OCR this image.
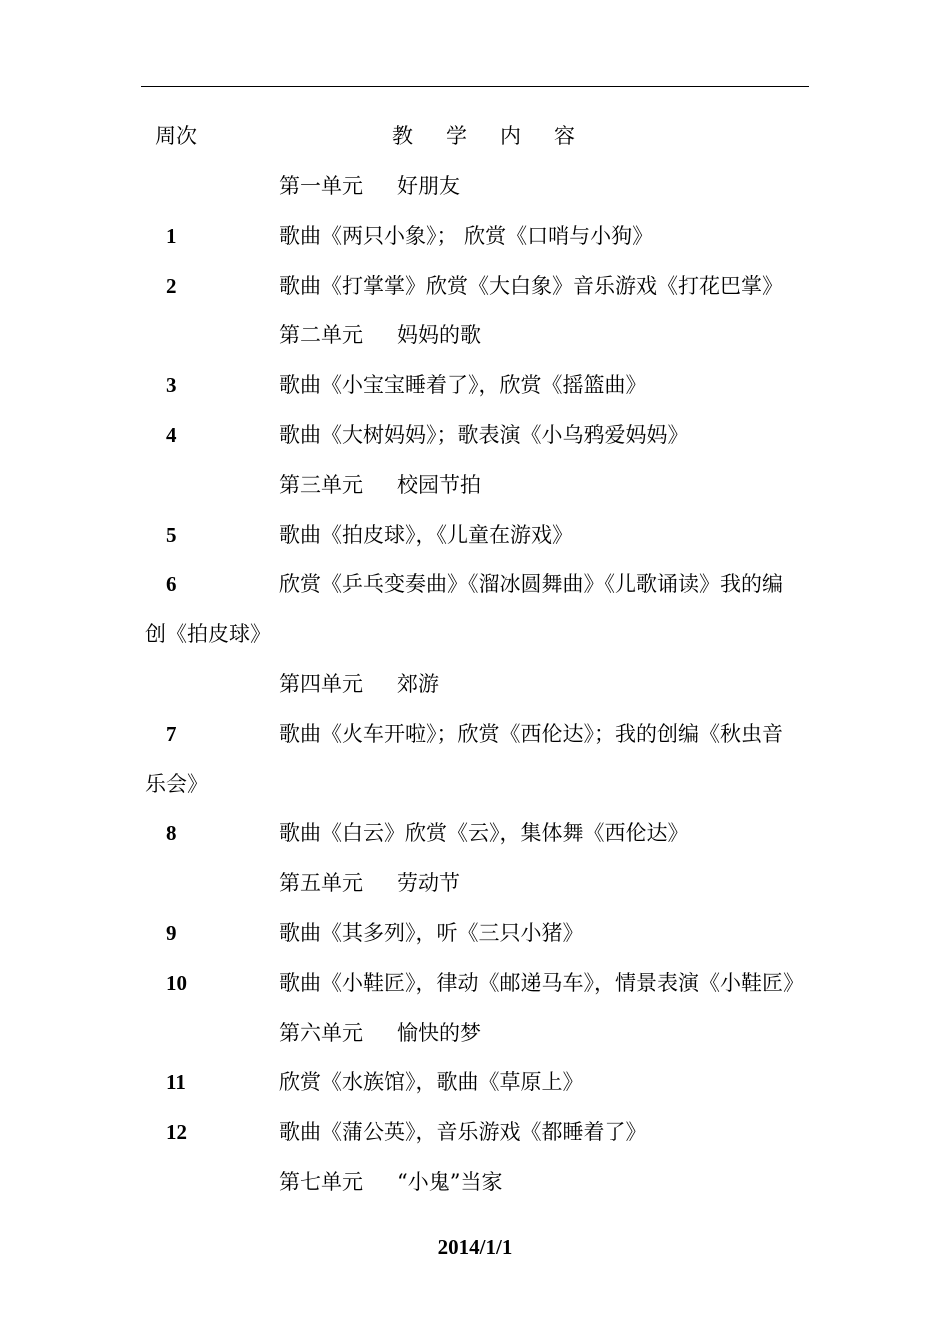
周次	教 学 内 容
第一单元 好朋友
1	歌曲《两只小象》； 欣赏《口哨与小狗》
2	歌曲《打掌掌》欣赏《大白象》音乐游戏《打花巴掌》
第二单元 妈妈的歌
3	歌曲《小宝宝睡着了》，欣赏《摇篮曲》
4	歌曲《大树妈妈》；歌表演《小乌鸦爱妈妈》
第三单元 校园节拍
5	歌曲《拍皮球》，《儿童在游戏》
6	欣赏《乒乓变奏曲》《溜冰圆舞曲》《儿歌诵读》我的编
创《拍皮球》
第四单元 郊游
7	歌曲《火车开啦》；欣赏《西伦达》；我的创编《秋虫音
乐会》
8	歌曲《白云》欣赏《云》，集体舞《西伦达》
第五单元 劳动节
9	歌曲《其多列》，听《三只小猪》
10	歌曲《小鞋匠》，律动《邮递马车》，情景表演《小鞋匠》
第六单元 愉快的梦
11	欣赏《水族馆》，歌曲《草原上》
12	歌曲《蒲公英》，音乐游戏《都睡着了》
第七单元 “小鬼”当家
2014/1/1
